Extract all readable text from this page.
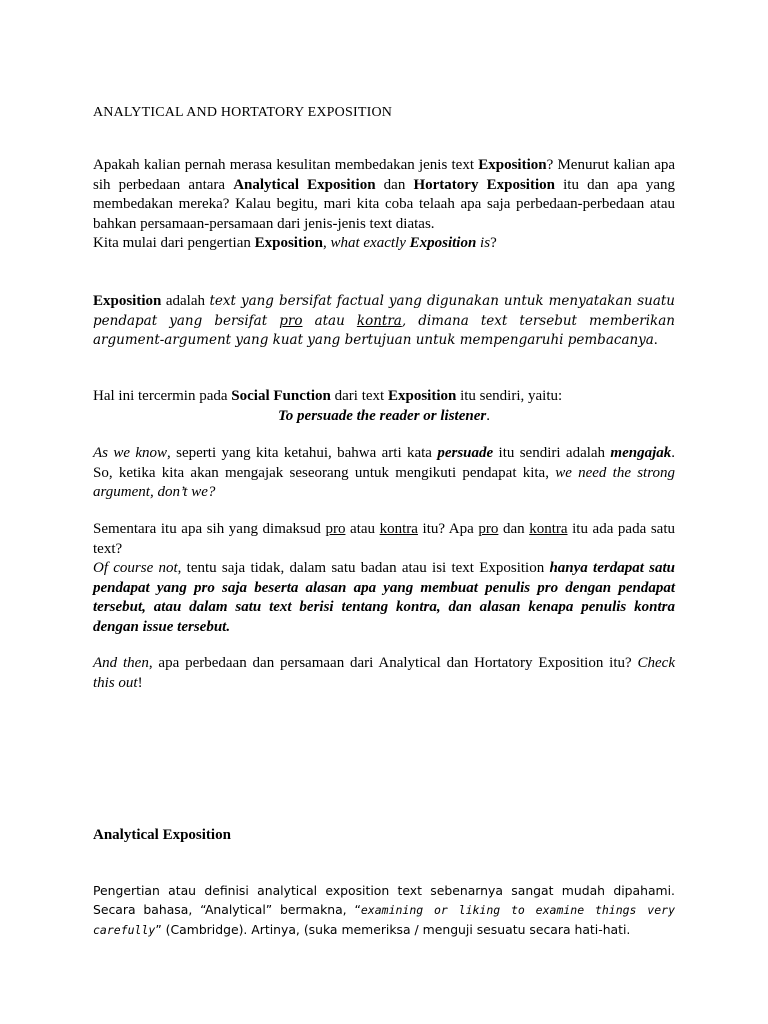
ANALYTICAL AND HORTATORY EXPOSITION

Apakah kalian pernah merasa kesulitan membedakan jenis text Exposition? Menurut kalian apa sih perbedaan antara Analytical Exposition dan Hortatory Exposition itu dan apa yang membedakan mereka? Kalau begitu, mari kita coba telaah apa saja perbedaan-perbedaan atau bahkan persamaan-persamaan dari jenis-jenis text diatas.
Kita mulai dari pengertian Exposition, what exactly Exposition is?

Exposition adalah text yang bersifat factual yang digunakan untuk menyatakan suatu pendapat yang bersifat pro atau kontra, dimana text tersebut memberikan argument-argument yang kuat yang bertujuan untuk mempengaruhi pembacanya.

Hal ini tercermin pada Social Function dari text Exposition itu sendiri, yaitu:
To persuade the reader or listener.

As we know, seperti yang kita ketahui, bahwa arti kata persuade itu sendiri adalah mengajak. So, ketika kita akan mengajak seseorang untuk mengikuti pendapat kita, we need the strong argument, don’t we?

Sementara itu apa sih yang dimaksud pro atau kontra itu? Apa pro dan kontra itu ada pada satu text?
Of course not, tentu saja tidak, dalam satu badan atau isi text Exposition hanya terdapat satu pendapat yang pro saja beserta alasan apa yang membuat penulis pro dengan pendapat tersebut, atau dalam satu text berisi tentang kontra, dan alasan kenapa penulis kontra dengan issue tersebut.

And then, apa perbedaan dan persamaan dari Analytical dan Hortatory Exposition itu? Check this out!

Analytical Exposition

Pengertian atau definisi analytical exposition text sebenarnya sangat mudah dipahami. Secara bahasa, “Analytical” bermakna, “examining or liking to examine things very carefully” (Cambridge). Artinya, (suka memeriksa / menguji sesuatu secara hati-hati.
